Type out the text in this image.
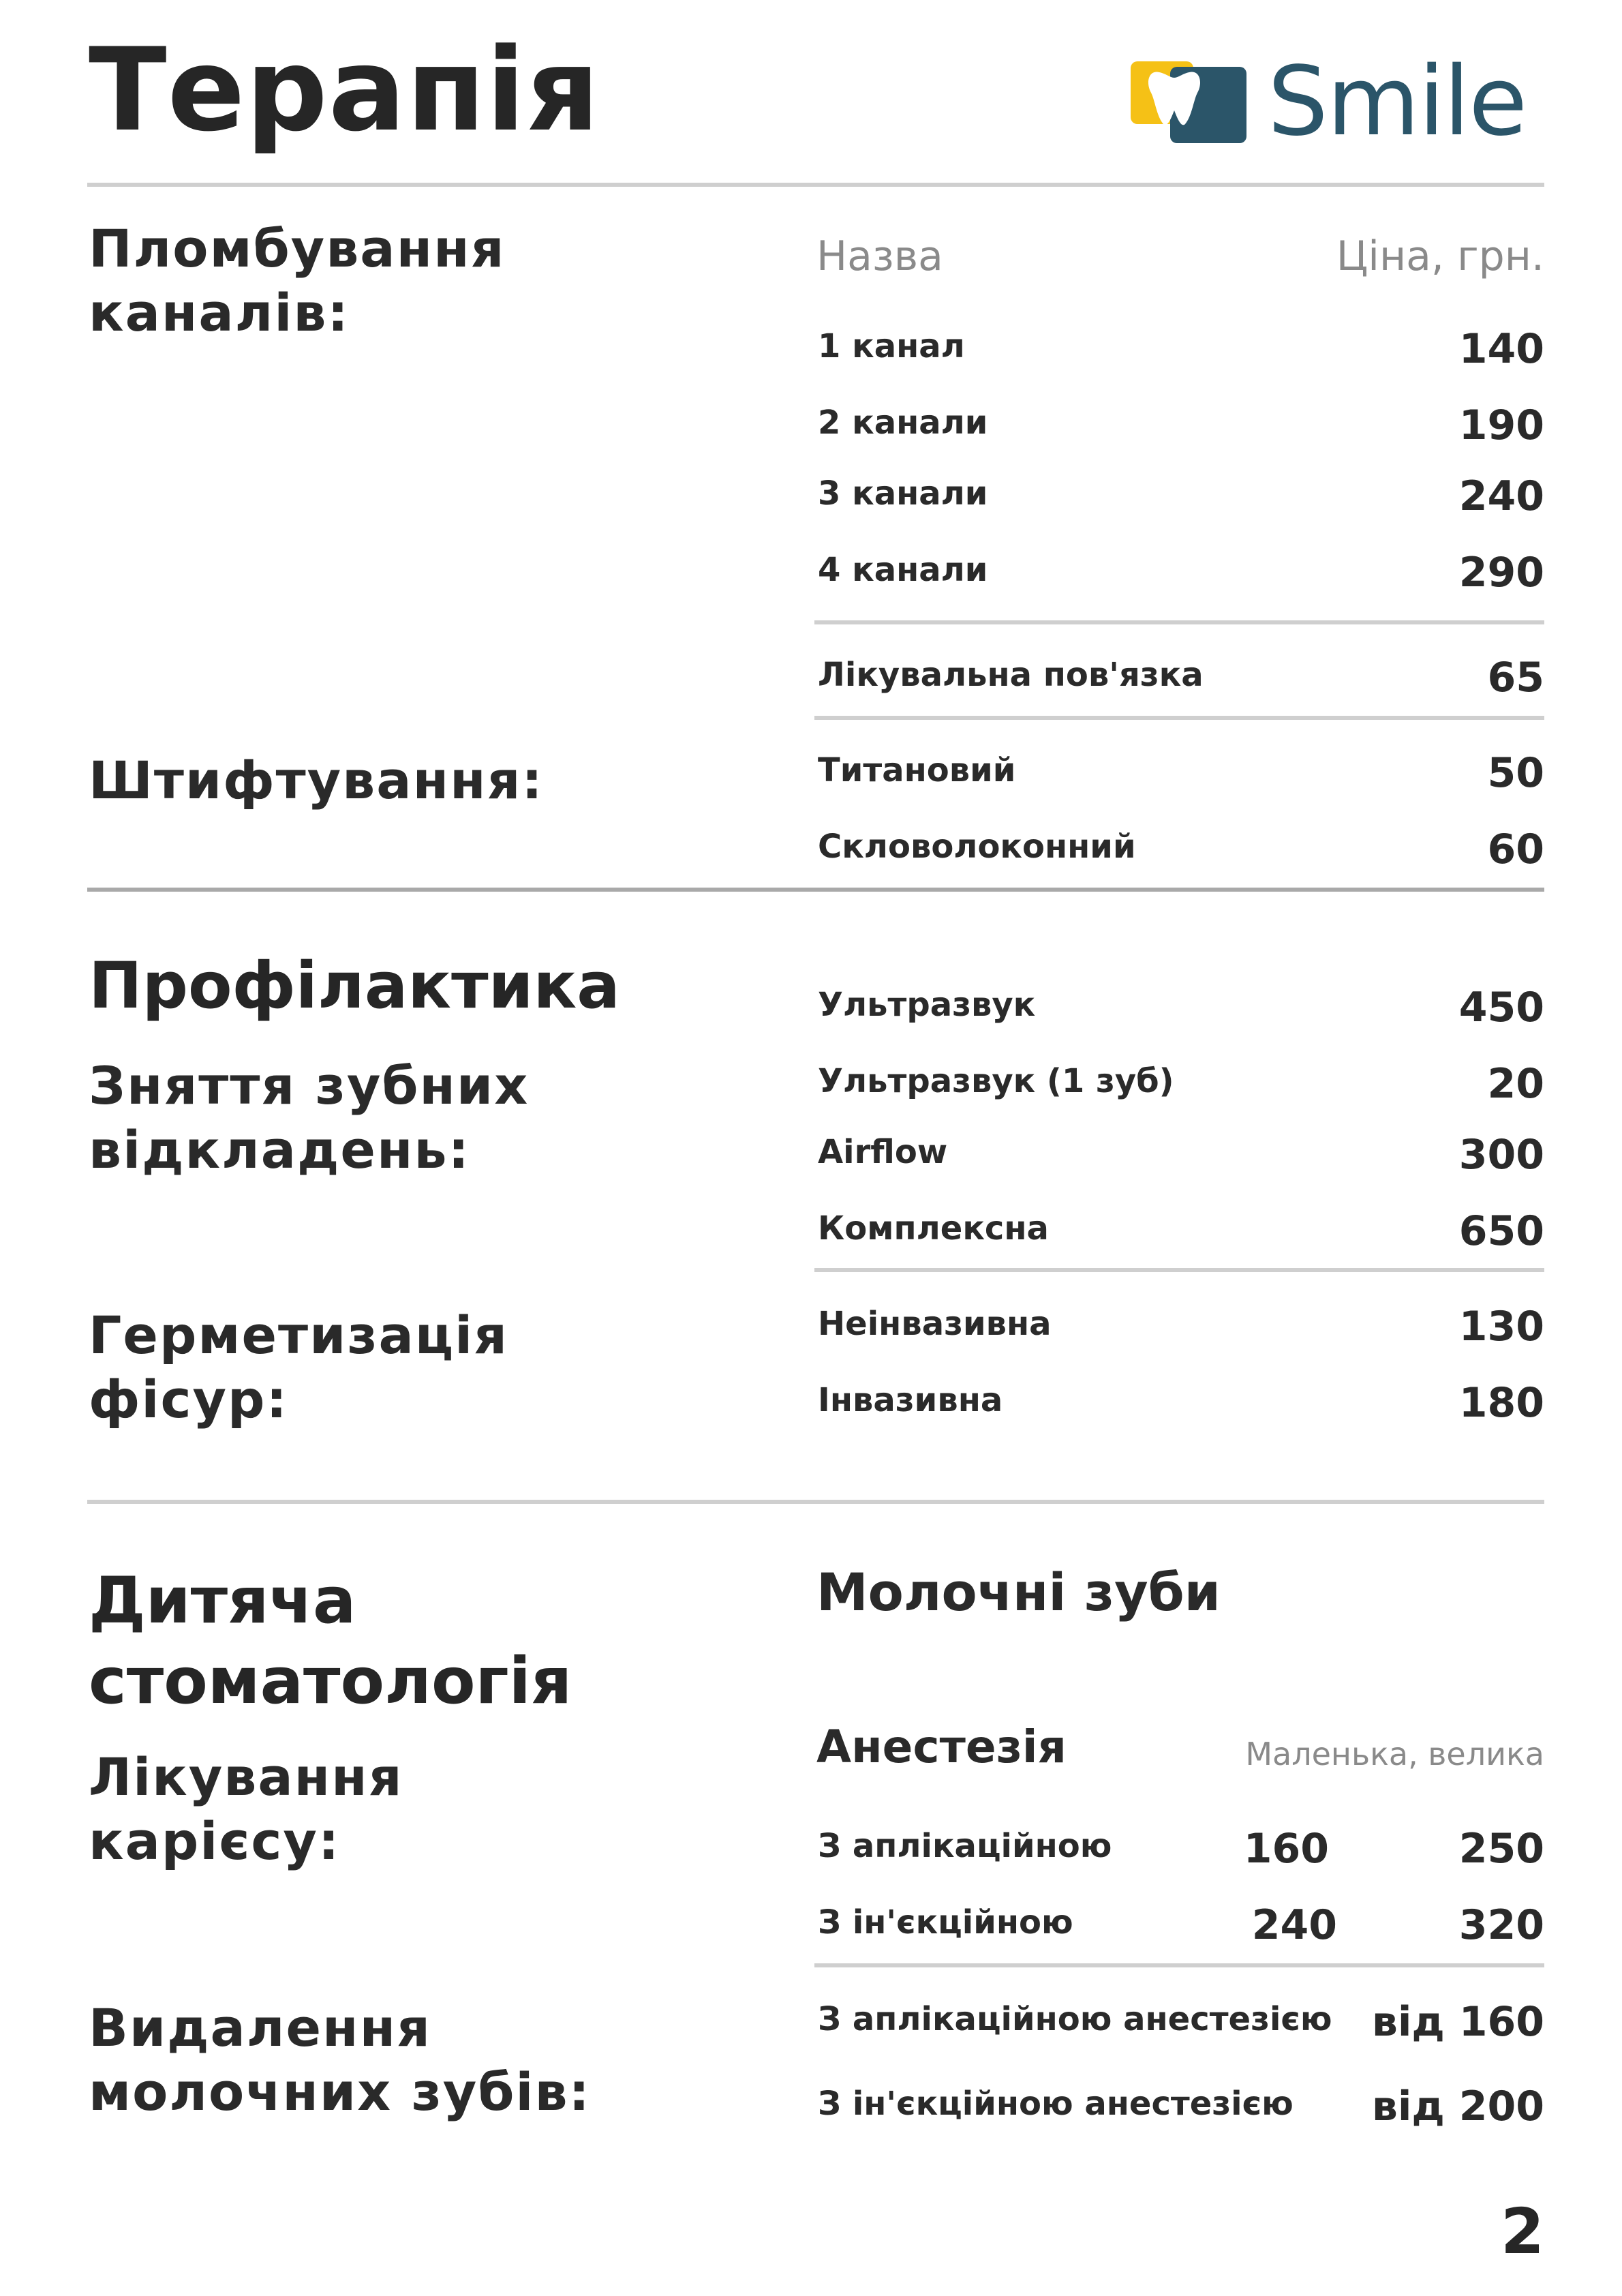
Терапія	Smile
Пломбування
каналів:
Назва	Ціна, грн.
1 канал	140
2 канали	190
3 канали	240
4 канали	290
Лікувальна пов'язка	65
Штифтування:	Титановий	50
Скловолоконний	60
Профілактика
Зняття зубних
відкладень:
Ультразвук	450
Ультразвук (1 зуб)	20
Airflow	300
Комплексна	650
Герметизація
фісур:
Неінвазивна	130
Інвазивна	180
Дитяча
стоматологія
Молочні зуби
Лікування
карієсу:
Анестезія	Маленька, велика
З аплікаційною	160	250
З ін'єкційною	240	320
Видалення
молочних зубів:
З аплікаційною анестезією від 160
З ін'єкційною анестезією від 200
2
